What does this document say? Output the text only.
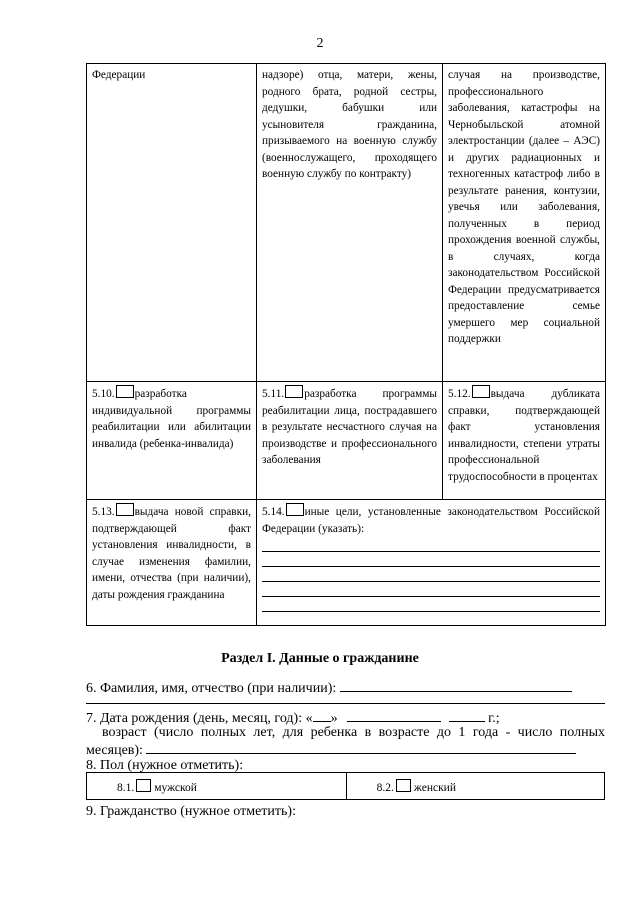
2
Федерации	надзоре) отца, матери, жены, родного брата, родной сестры, дедушки, бабушки или усыновителя гражданина, призываемого на военную службу (военнослужащего, проходящего военную службу по контракту)	случая на производстве, профессионального заболевания, катастрофы на Чернобыльской атомной электростанции (далее – АЭС) и других радиационных и техногенных катастроф либо в результате ранения, контузии, увечья или заболевания, полученных в период прохождения военной службы, в случаях, когда законодательством Российской Федерации предусматривается предоставление семье умершего мер социальной поддержки
5.10. разработка индивидуальной программы реабилитации или абилитации инвалида (ребенка-инвалида)	5.11. разработка программы реабилитации лица, пострадавшего в результате несчастного случая на производстве и профессионального заболевания	5.12. выдача дубликата справки, подтверждающей факт установления инвалидности, степени утраты профессиональной трудоспособности в процентах
5.13. выдача новой справки, подтверждающей факт установления инвалидности, в случае изменения фамилии, имени, отчества (при наличии), даты рождения гражданина	5.14. иные цели, установленные законодательством Российской Федерации (указать):	
Раздел I. Данные о гражданине
6. Фамилия, имя, отчество (при наличии):
7. Дата рождения (день, месяц, год): « »	г.;
возраст (число полных лет, для ребенка в возрасте до 1 года - число полных месяцев):
8. Пол (нужное отметить):
8.1. мужской	8.2. женский
9. Гражданство (нужное отметить):
